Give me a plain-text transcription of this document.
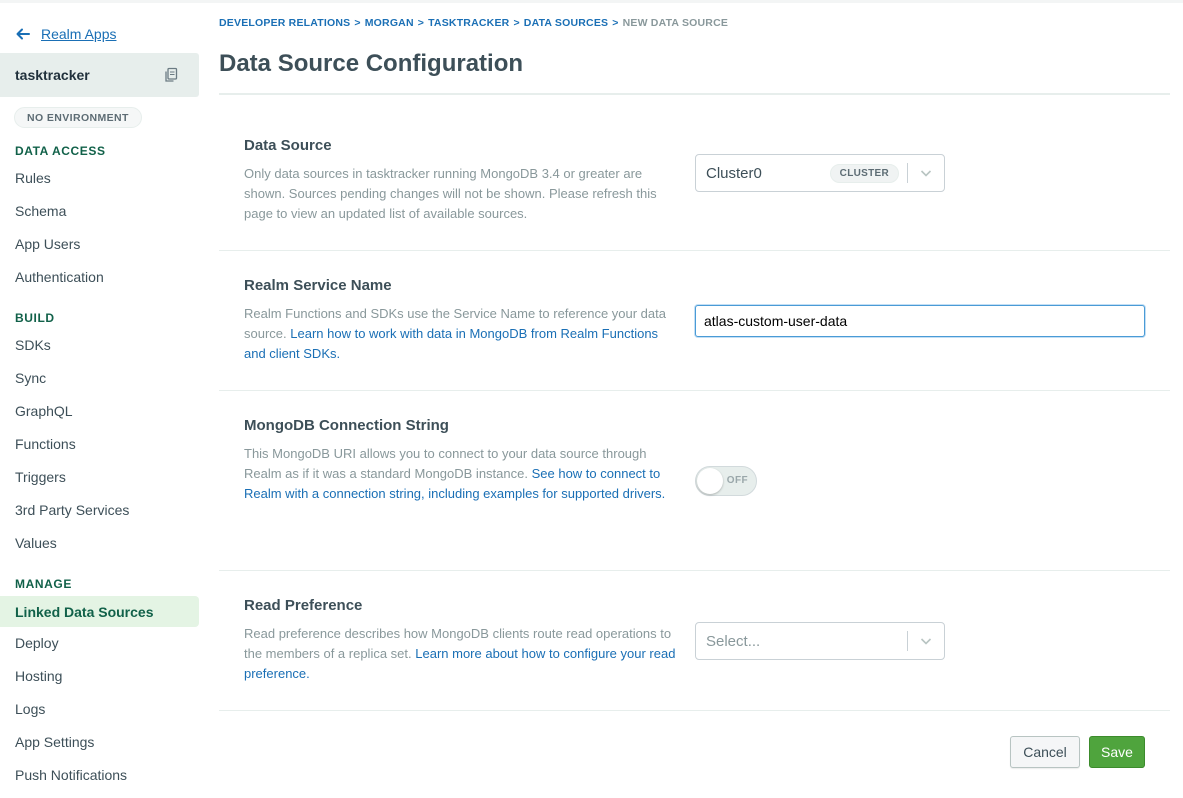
Realm Apps
tasktracker
NO ENVIRONMENT
DATA ACCESS
Rules
Schema
App Users
Authentication
BUILD
SDKs
Sync
GraphQL
Functions
Triggers
3rd Party Services
Values
MANAGE
Linked Data Sources
Deploy
Hosting
Logs
App Settings
Push Notifications
DEVELOPER RELATIONS > MORGAN > TASKTRACKER > DATA SOURCES > NEW DATA SOURCE
Data Source Configuration
Data Source

Only data sources in tasktracker running MongoDB 3.4 or greater are shown. Sources pending changes will not be shown. Please refresh this page to view an updated list of available sources.

Cluster0	CLUSTER
Realm Service Name

Realm Functions and SDKs use the Service Name to reference your data source. Learn how to work with data in MongoDB from Realm Functions and client SDKs.

atlas-custom-user-data
MongoDB Connection String

This MongoDB URI allows you to connect to your data source through Realm as if it was a standard MongoDB instance. See how to connect to Realm with a connection string, including examples for supported drivers.

OFF
Read Preference

Read preference describes how MongoDB clients route read operations to the members of a replica set. Learn more about how to configure your read preference.

Select...
Cancel	Save
